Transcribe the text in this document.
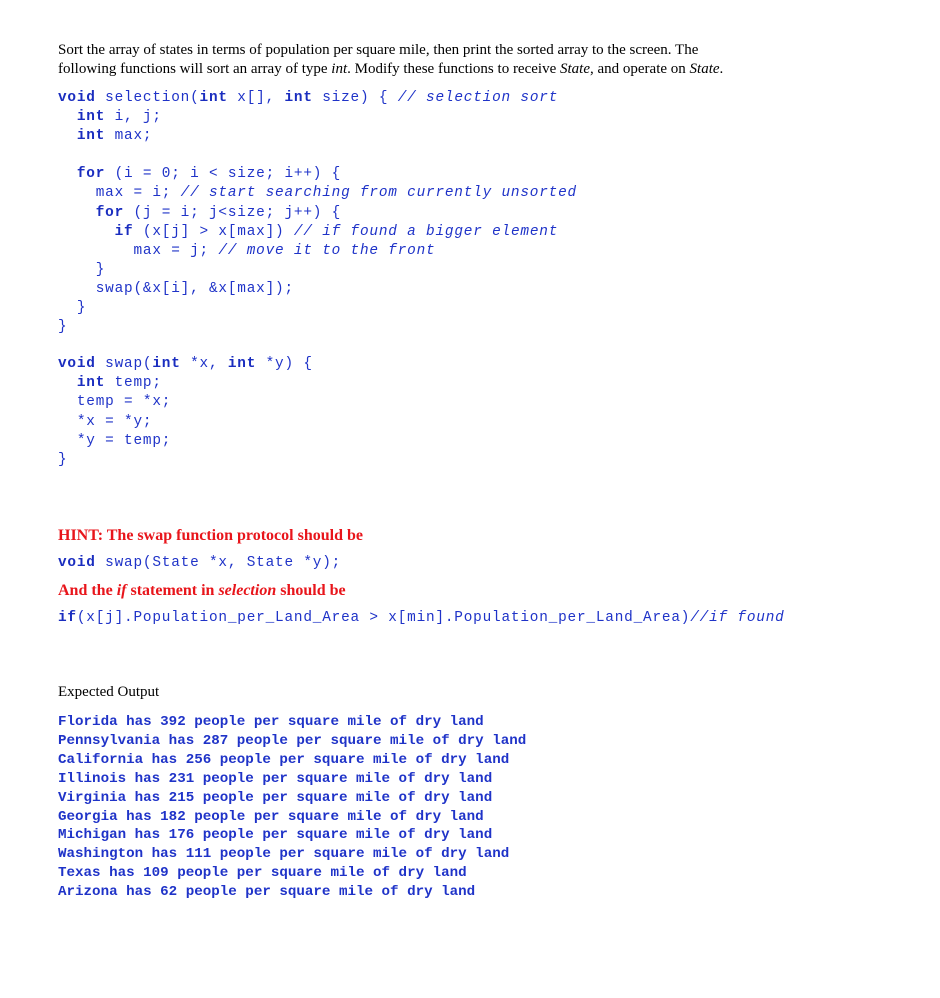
Sort the array of states in terms of population per square mile, then print the sorted array to the screen. The
following functions will sort an array of type int. Modify these functions to receive State, and operate on State.

void selection(int x[], int size) { // selection sort
int i, j;
int max;

for (i = 0; i < size; i++) {
max = i; // start searching from currently unsorted
for (j = i; j<size; j++) {
if (x[j] > x[max]) // if found a bigger element
max = j; // move it to the front
}
swap(&x[i], &x[max]);
}
}
void swap(int *x, int *y) {
int temp;
temp = *x;
*x = *y;
*y = temp;
}

HINT: The swap function protocol should be

void swap(State *x, State *y);

And the if statement in selection should be

if(x[j].Population_per_Land_Area > x[min].Population_per_Land_Area)//if found
Expected Output
Florida has 392 people per square mile of dry land
Pennsylvania has 287 people per square mile of dry land
California has 256 people per square mile of dry land
Illinois has 231 people per square mile of dry land
Virginia has 215 people per square mile of dry land
Georgia has 182 people per square mile of dry land
Michigan has 176 people per square mile of dry land
Washington has 111 people per square mile of dry land
Texas has 109 people per square mile of dry land
Arizona has 62 people per square mile of dry land
